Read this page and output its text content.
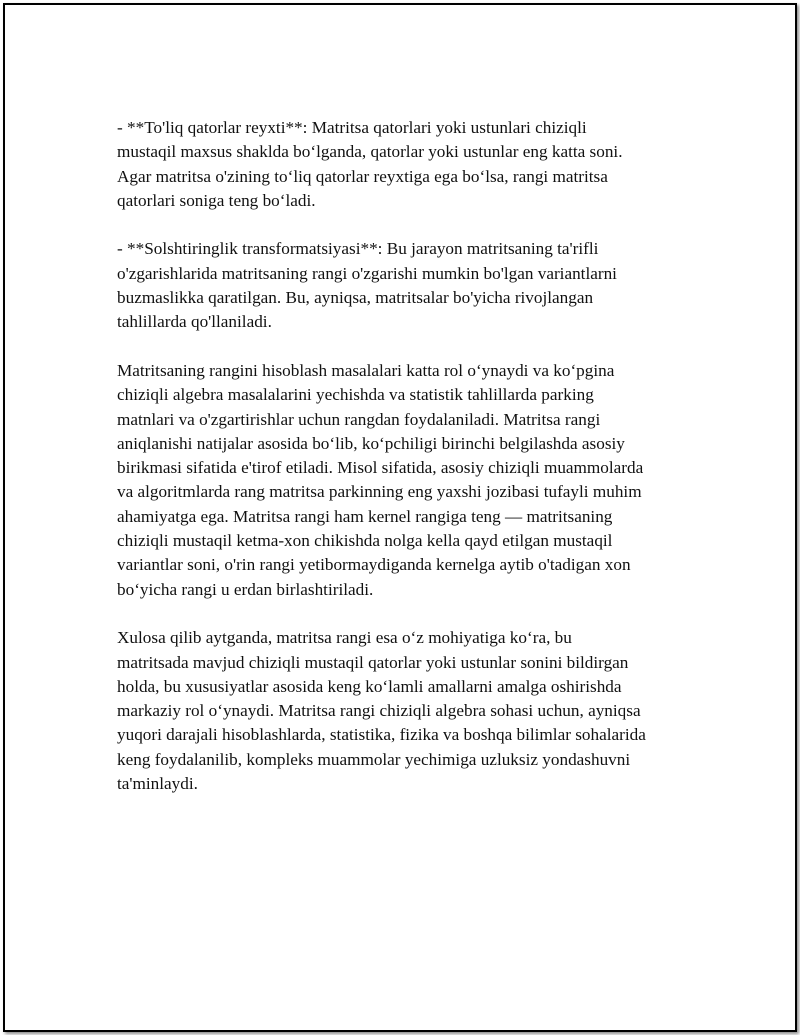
- **To'liq qatorlar reyxti**: Matritsa qatorlari yoki ustunlari chiziqli
mustaqil maxsus shaklda bo‘lganda, qatorlar yoki ustunlar eng katta soni.
Agar matritsa o'zining to‘liq qatorlar reyxtiga ega bo‘lsa, rangi matritsa
qatorlari soniga teng bo‘ladi.

- **Solshtiringlik transformatsiyasi**: Bu jarayon matritsaning ta'rifli
o'zgarishlarida matritsaning rangi o'zgarishi mumkin bo'lgan variantlarni
buzmaslikka qaratilgan. Bu, ayniqsa, matritsalar bo'yicha rivojlangan
tahlillarda qo'llaniladi.

Matritsaning rangini hisoblash masalalari katta rol o‘ynaydi va ko‘pgina
chiziqli algebra masalalarini yechishda va statistik tahlillarda parking
matnlari va o'zgartirishlar uchun rangdan foydalaniladi. Matritsa rangi
aniqlanishi natijalar asosida bo‘lib, ko‘pchiligi birinchi belgilashda asosiy
birikmasi sifatida e'tirof etiladi. Misol sifatida, asosiy chiziqli muammolarda
va algoritmlarda rang matritsa parkinning eng yaxshi jozibasi tufayli muhim
ahamiyatga ega. Matritsa rangi ham kernel rangiga teng — matritsaning
chiziqli mustaqil ketma-xon chikishda nolga kella qayd etilgan mustaqil
variantlar soni, o'rin rangi yetibormaydiganda kernelga aytib o'tadigan xon
bo‘yicha rangi u erdan birlashtiriladi.

Xulosa qilib aytganda, matritsa rangi esa o‘z mohiyatiga ko‘ra, bu
matritsada mavjud chiziqli mustaqil qatorlar yoki ustunlar sonini bildirgan
holda, bu xususiyatlar asosida keng ko‘lamli amallarni amalga oshirishda
markaziy rol o‘ynaydi. Matritsa rangi chiziqli algebra sohasi uchun, ayniqsa
yuqori darajali hisoblashlarda, statistika, fizika va boshqa bilimlar sohalarida
keng foydalanilib, kompleks muammolar yechimiga uzluksiz yondashuvni
ta'minlaydi.
